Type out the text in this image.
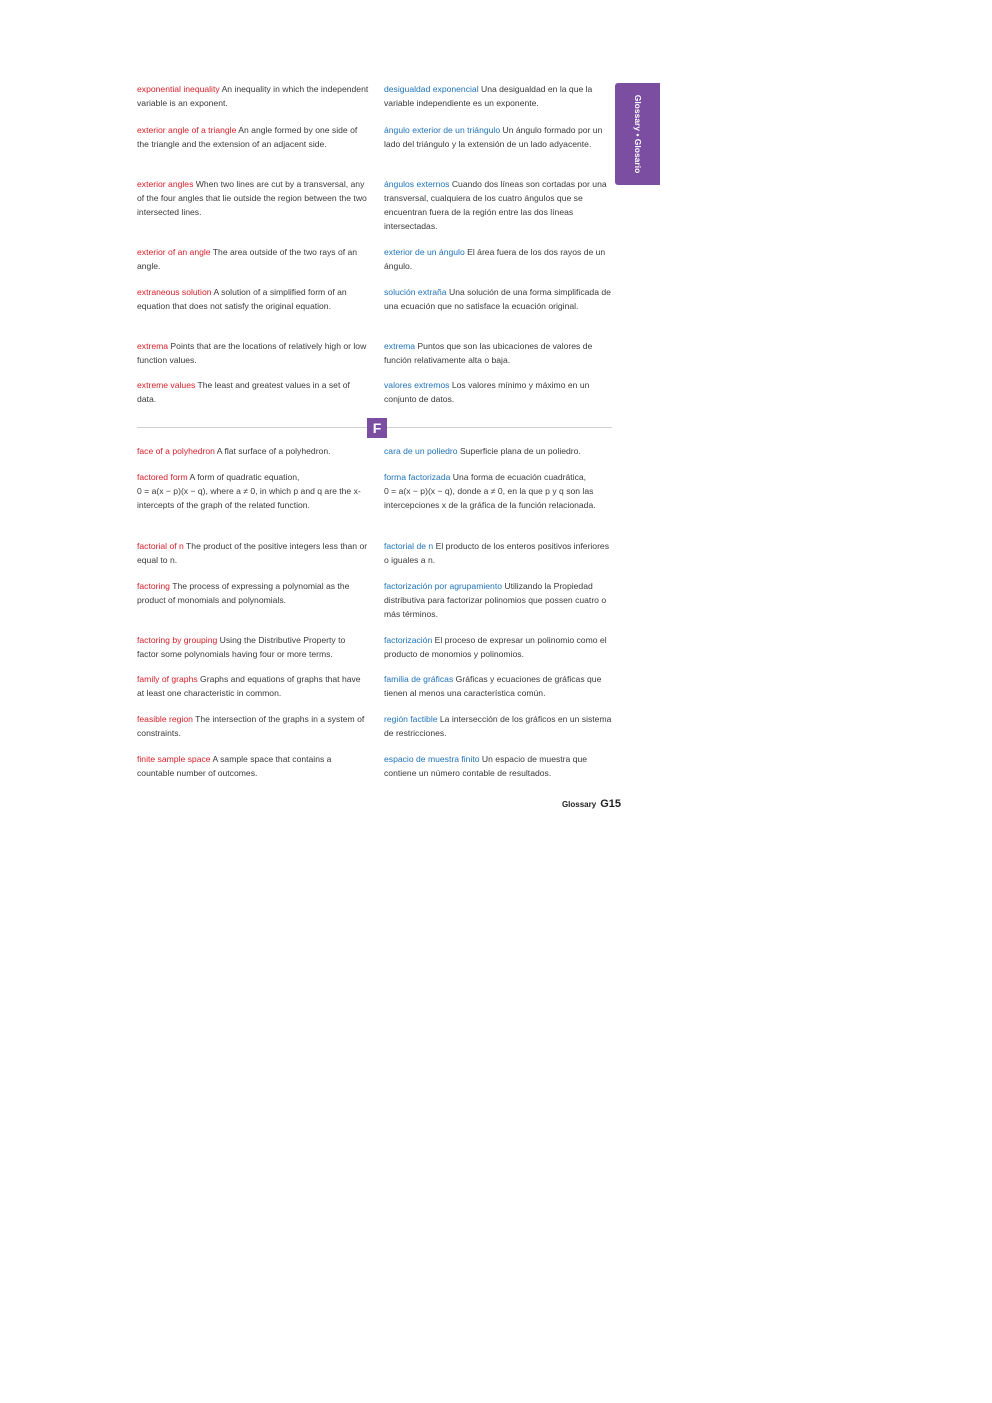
Glossary • Glosario
exponential inequality An inequality in which the independent variable is an exponent.
exterior angle of a triangle An angle formed by one side of the triangle and the extension of an adjacent side.
exterior angles When two lines are cut by a transversal, any of the four angles that lie outside the region between the two intersected lines.
exterior of an angle The area outside of the two rays of an angle.
extraneous solution A solution of a simplified form of an equation that does not satisfy the original equation.
extrema Points that are the locations of relatively high or low function values.
extreme values The least and greatest values in a set of data.
desigualdad exponencial Una desigualdad en la que la variable independiente es un exponente.
ángulo exterior de un triángulo Un ángulo formado por un lado del triángulo y la extensión de un lado adyacente.
ángulos externos Cuando dos líneas son cortadas por una transversal, cualquiera de los cuatro ángulos que se encuentran fuera de la región entre las dos líneas intersectadas.
exterior de un ángulo El área fuera de los dos rayos de un ángulo.
solución extraña Una solución de una forma simplificada de una ecuación que no satisface la ecuación original.
extrema Puntos que son las ubicaciones de valores de función relativamente alta o baja.
valores extremos Los valores mínimo y máximo en un conjunto de datos.
F
face of a polyhedron A flat surface of a polyhedron.
factored form A form of quadratic equation,
0 = a(x − p)(x − q), where a ≠ 0, in which p and q are the x-intercepts of the graph of the related function.
factorial of n The product of the positive integers less than or equal to n.
factoring The process of expressing a polynomial as the product of monomials and polynomials.
factoring by grouping Using the Distributive Property to factor some polynomials having four or more terms.
family of graphs Graphs and equations of graphs that have at least one characteristic in common.
feasible region The intersection of the graphs in a system of constraints.
finite sample space A sample space that contains a countable number of outcomes.
cara de un poliedro Superficie plana de un poliedro.
forma factorizada Una forma de ecuación cuadrática,
0 = a(x − p)(x − q), donde a ≠ 0, en la que p y q son las intercepciones x de la gráfica de la función relacionada.
factorial de n El producto de los enteros positivos inferiores o iguales a n.
factorización por agrupamiento Utilizando la Propiedad distributiva para factorizar polinomios que possen cuatro o más términos.
factorización El proceso de expresar un polinomio como el producto de monomios y polinomios.
familia de gráficas Gráficas y ecuaciones de gráficas que tienen al menos una característica común.
región factible La intersección de los gráficos en un sistema de restricciones.
espacio de muestra finito Un espacio de muestra que contiene un número contable de resultados.
Glossary G15
